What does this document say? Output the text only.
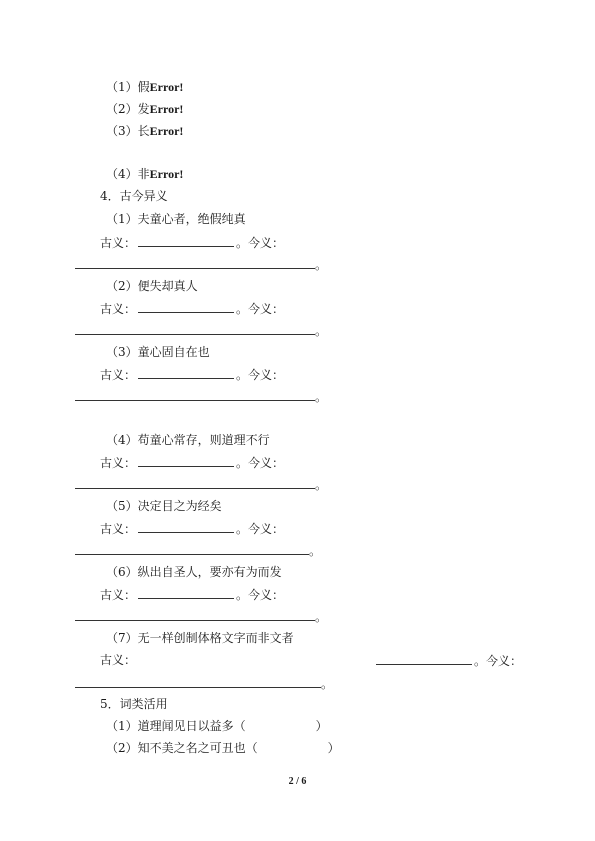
（1）假Error!
（2）发Error!
（3）长Error!
（4）非Error!
4．古今异义
（1）夫童心者，绝假纯真
古义：	。今义：
。
（2）便失却真人
古义：	。今义：
。
（3）童心固自在也
古义：	。今义：
。
（4）苟童心常存，则道理不行
古义：	。今义：
。
（5）决定目之为经矣
古义：	。今义：
。
（6）纵出自圣人，要亦有为而发
古义：	。今义：
。
（7）无一样创制体格文字而非文者
古义：	。今义：
。
5．词类活用
（1）道理闻见日以益多（	）
（2）知不美之名之可丑也（	）
2 / 6
